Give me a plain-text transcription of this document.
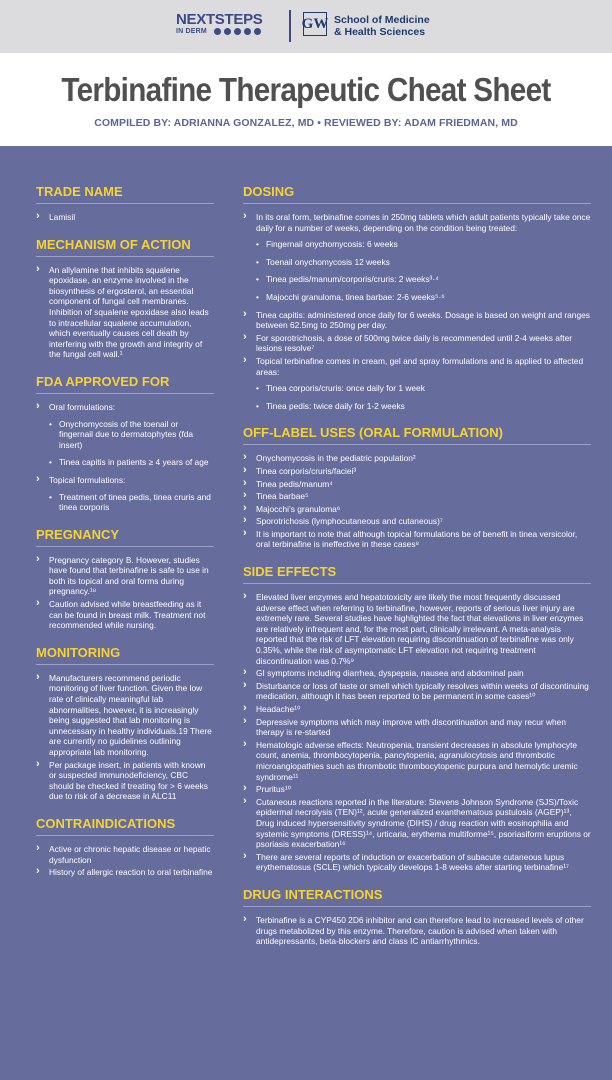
NEXTSTEPS
IN DERM	GW School of Medicine
& Health Sciences
Terbinafine Therapeutic Cheat Sheet
COMPILED BY: ADRIANNA GONZALEZ, MD • REVIEWED BY: ADAM FRIEDMAN, MD
TRADE NAME
› Lamisil
MECHANISM OF ACTION
› An allylamine that inhibits squalene epoxidase, an enzyme involved in the biosynthesis of ergosterol, an essential component of fungal cell membranes. Inhibition of squalene epoxidase also leads to intracellular squalene accumulation, which eventually causes cell death by interfering with the growth and integrity of the fungal cell wall.¹
FDA APPROVED FOR
› Oral formulations:
• Onychomycosis of the toenail or fingernail due to dermatophytes (fda insert)
• Tinea capitis in patients ≥ 4 years of age
› Topical formulations:
• Treatment of tinea pedis, tinea cruris and tinea corporis
PREGNANCY
› Pregnancy category B. However, studies have found that terbinafine is safe to use in both its topical and oral forms during pregnancy.¹⁸
› Caution advised while breastfeeding as it can be found in breast milk. Treatment not recommended while nursing.
MONITORING
› Manufacturers recommend periodic monitoring of liver function. Given the low rate of clinically meaningful lab abnormalities, however, it is increasingly being suggested that lab monitoring is unnecessary in healthy individuals.19 There are currently no guidelines outlining appropriate lab monitoring.
› Per package insert, in patients with known or suspected immunodeficiency, CBC should be checked if treating for > 6 weeks due to risk of a decrease in ALC11
CONTRAINDICATIONS
› Active or chronic hepatic disease or hepatic dysfunction
› History of allergic reaction to oral terbinafine
DOSING
› In its oral form, terbinafine comes in 250mg tablets which adult patients typically take once daily for a number of weeks, depending on the condition being treated:
• Fingernail onychomycosis: 6 weeks
• Toenail onychomycosis 12 weeks
• Tinea pedis/manum/corporis/cruris: 2 weeks³·⁴
• Majocchi granuloma, tinea barbae: 2-6 weeks⁵·⁶
› Tinea capitis: administered once daily for 6 weeks. Dosage is based on weight and ranges between 62.5mg to 250mg per day.
› For sporotrichosis, a dose of 500mg twice daily is recommended until 2-4 weeks after lesions resolve⁷
› Topical terbinafine comes in cream, gel and spray formulations and is applied to affected areas:
• Tinea corporis/cruris: once daily for 1 week
• Tinea pedis: twice daily for 1-2 weeks
OFF-LABEL USES (ORAL FORMULATION)
› Onychomycosis in the pediatric population²
› Tinea corporis/cruris/faciei³
› Tinea pedis/manum⁴
› Tinea barbae⁵
› Majocchi’s granuloma⁶
› Sporotrichosis (lymphocutaneous and cutaneous)⁷
› It is important to note that although topical formulations be of benefit in tinea versicolor, oral terbinafine is ineffective in these cases⁸
SIDE EFFECTS
› Elevated liver enzymes and hepatotoxicity are likely the most frequently discussed adverse effect when referring to terbinafine, however, reports of serious liver injury are extremely rare. Several studies have highlighted the fact that elevations in liver enzymes are relatively infrequent and, for the most part, clinically irrelevant. A meta-analysis reported that the risk of LFT elevation requiring discontinuation of terbinafine was only 0.35%, while the risk of asymptomatic LFT elevation not requiring treatment discontinuation was 0.7%⁹
› GI symptoms including diarrhea, dyspepsia, nausea and abdominal pain
› Disturbance or loss of taste or smell which typically resolves within weeks of discontinuing medication, although it has been reported to be permanent in some cases¹⁰
› Headache¹⁰
› Depressive symptoms which may improve with discontinuation and may recur when therapy is re-started
› Hematologic adverse effects: Neutropenia, transient decreases in absolute lymphocyte count, anemia, thrombocytopenia, pancytopenia, agranulocytosis and thrombotic microangiopathies such as thrombotic thrombocytopenic purpura and hemolytic uremic syndrome¹¹
› Pruritus¹⁰
› Cutaneous reactions reported in the literature: Stevens Johnson Syndrome (SJS)/Toxic epidermal necrolysis (TEN)¹², acute generalized exanthematous pustulosis (AGEP)¹³, Drug induced hypersensitivity syndrome (DIHS) / drug reaction with eosinophilia and systemic symptoms (DRESS)¹⁴, urticaria, erythema multiforme¹⁵, psoriasiform eruptions or psoriasis exacerbation¹⁶
› There are several reports of induction or exacerbation of subacute cutaneous lupus erythematosus (SCLE) which typically develops 1-8 weeks after starting terbinafine¹⁷
DRUG INTERACTIONS
› Terbinafine is a CYP450 2D6 inhibitor and can therefore lead to increased levels of other drugs metabolized by this enzyme. Therefore, caution is advised when taken with antidepressants, beta-blockers and class IC antiarrhythmics.
